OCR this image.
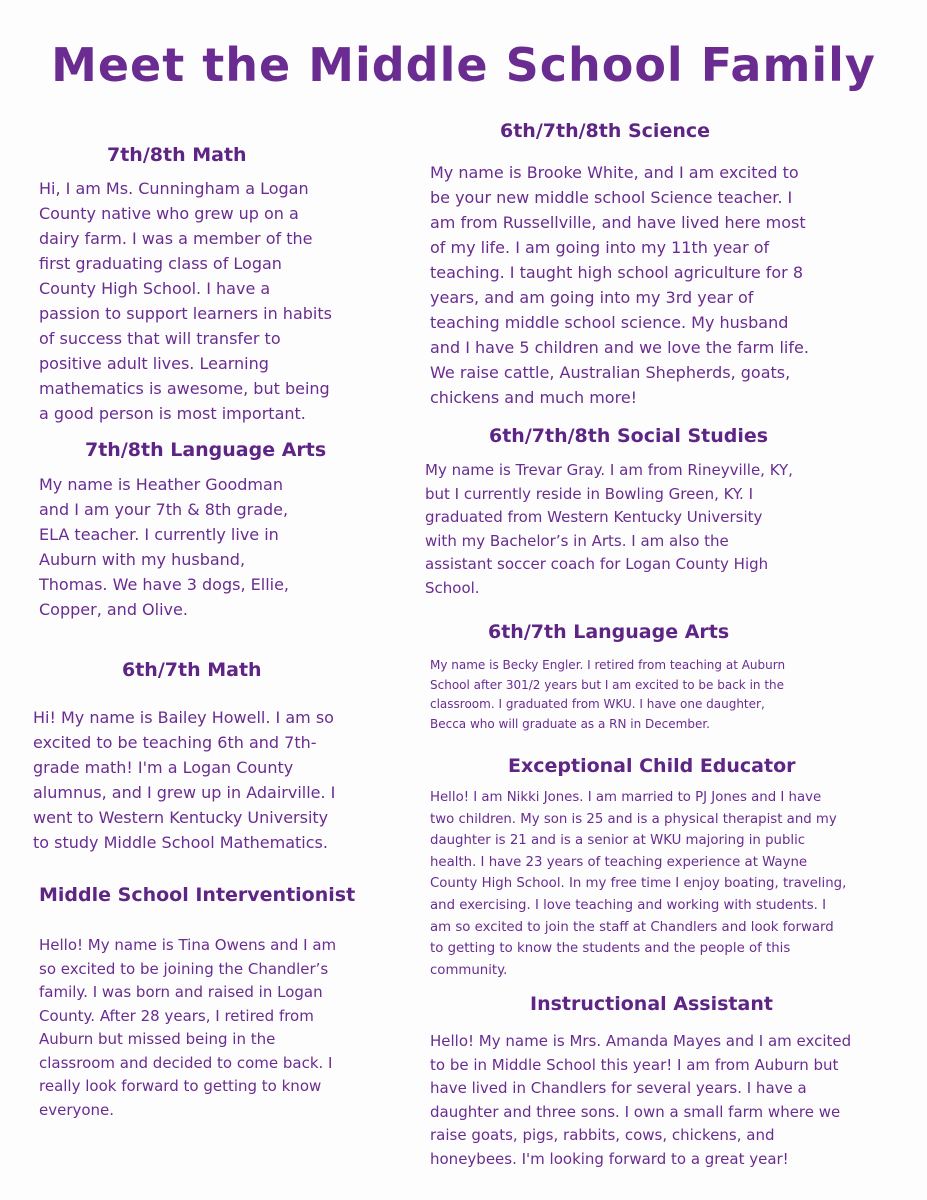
Meet the Middle School Family
7th/8th Math
Hi, I am Ms. Cunningham a Logan
County native who grew up on a
dairy farm. I was a member of the
first graduating class of Logan
County High School. I have a
passion to support learners in habits
of success that will transfer to
positive adult lives. Learning
mathematics is awesome, but being
a good person is most important.
7th/8th Language Arts
My name is Heather Goodman
and I am your 7th & 8th grade,
ELA teacher. I currently live in
Auburn with my husband,
Thomas. We have 3 dogs, Ellie,
Copper, and Olive.
6th/7th Math
Hi! My name is Bailey Howell. I am so
excited to be teaching 6th and 7th-
grade math! I'm a Logan County
alumnus, and I grew up in Adairville. I
went to Western Kentucky University
to study Middle School Mathematics.
Middle School Interventionist
Hello! My name is Tina Owens and I am
so excited to be joining the Chandler’s
family. I was born and raised in Logan
County. After 28 years, I retired from
Auburn but missed being in the
classroom and decided to come back. I
really look forward to getting to know
everyone.
6th/7th/8th Science
My name is Brooke White, and I am excited to
be your new middle school Science teacher. I
am from Russellville, and have lived here most
of my life. I am going into my 11th year of
teaching. I taught high school agriculture for 8
years, and am going into my 3rd year of
teaching middle school science. My husband
and I have 5 children and we love the farm life.
We raise cattle, Australian Shepherds, goats,
chickens and much more!
6th/7th/8th Social Studies
My name is Trevar Gray. I am from Rineyville, KY,
but I currently reside in Bowling Green, KY. I
graduated from Western Kentucky University
with my Bachelor’s in Arts. I am also the
assistant soccer coach for Logan County High
School.
6th/7th Language Arts
My name is Becky Engler. I retired from teaching at Auburn
School after 301/2 years but I am excited to be back in the
classroom. I graduated from WKU. I have one daughter,
Becca who will graduate as a RN in December.
Exceptional Child Educator
Hello! I am Nikki Jones. I am married to PJ Jones and I have
two children. My son is 25 and is a physical therapist and my
daughter is 21 and is a senior at WKU majoring in public
health. I have 23 years of teaching experience at Wayne
County High School. In my free time I enjoy boating, traveling,
and exercising. I love teaching and working with students. I
am so excited to join the staff at Chandlers and look forward
to getting to know the students and the people of this
community.
Instructional Assistant
Hello! My name is Mrs. Amanda Mayes and I am excited
to be in Middle School this year! I am from Auburn but
have lived in Chandlers for several years. I have a
daughter and three sons. I own a small farm where we
raise goats, pigs, rabbits, cows, chickens, and
honeybees. I'm looking forward to a great year!
